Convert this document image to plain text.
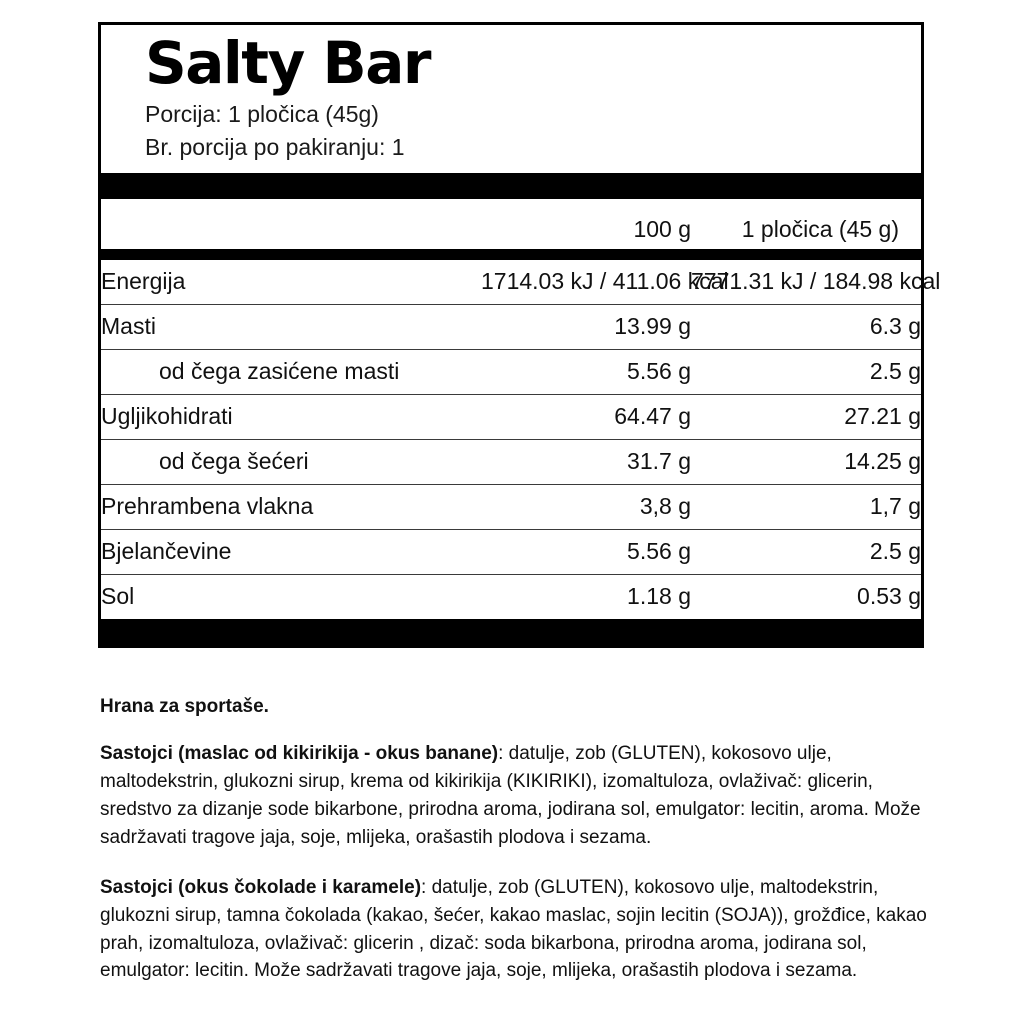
Salty Bar
Porcija: 1 pločica (45g)
Br. porcija po pakiranju: 1
100 g	1 pločica (45 g)
Energija	1714.03 kJ / 411.06 kcal	7771.31 kJ / 184.98 kcal
Masti	13.99 g	6.3 g
od čega zasićene masti	5.56 g	2.5 g
Ugljikohidrati	64.47 g	27.21 g
od čega šećeri	31.7 g	14.25 g
Prehrambena vlakna	3,8 g	1,7 g
Bjelančevine	5.56 g	2.5 g
Sol	1.18 g	0.53 g
Hrana za sportaše.
Sastojci (maslac od kikirikija - okus banane): datulje, zob (GLUTEN), kokosovo ulje, maltodekstrin, glukozni sirup, krema od kikirikija (KIKIRIKI), izomaltuloza, ovlaživač: glicerin, sredstvo za dizanje sode bikarbone, prirodna aroma, jodirana sol, emulgator: lecitin, aroma. Može sadržavati tragove jaja, soje, mlijeka, orašastih plodova i sezama.
Sastojci (okus čokolade i karamele): datulje, zob (GLUTEN), kokosovo ulje, maltodekstrin, glukozni sirup, tamna čokolada (kakao, šećer, kakao maslac, sojin lecitin (SOJA)), grožđice, kakao prah, izomaltuloza, ovlaživač: glicerin , dizač: soda bikarbona, prirodna aroma, jodirana sol, emulgator: lecitin. Može sadržavati tragove jaja, soje, mlijeka, orašastih plodova i sezama.
